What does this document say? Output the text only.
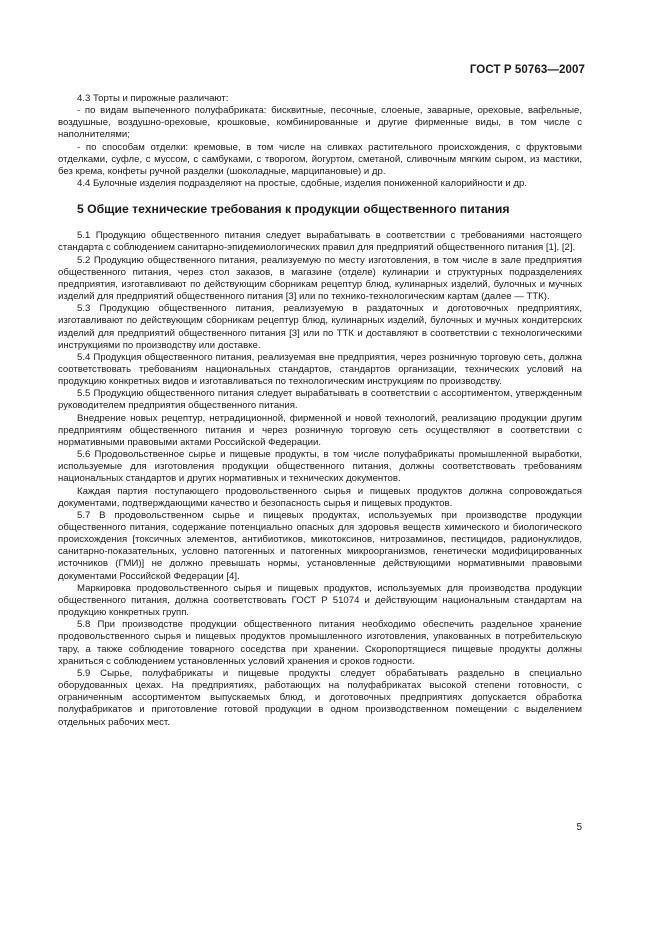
ГОСТ Р 50763—2007

4.3 Торты и пирожные различают:

- по видам выпеченного полуфабриката: бисквитные, песочные, слоеные, заварные, ореховые, вафельные, воздушные, воздушно-ореховые, крошковые, комбинированные и другие фирменные виды, в том числе с наполнителями;

- по способам отделки: кремовые, в том числе на сливках растительного происхождения, с фруктовыми отделками, суфле, с муссом, с самбуками, с творогом, йогуртом, сметаной, сливочным мягким сыром, из мастики, без крема, конфеты ручной разделки (шоколадные, марципановые) и др.

4.4 Булочные изделия подразделяют на простые, сдобные, изделия пониженной калорийности и др.

5 Общие технические требования к продукции общественного питания

5.1 Продукцию общественного питания следует вырабатывать в соответствии с требованиями настоящего стандарта с соблюдением санитарно-эпидемиологических правил для предприятий общественного питания [1], [2].

5.2 Продукцию общественного питания, реализуемую по месту изготовления, в том числе в зале предприятия общественного питания, через стол заказов, в магазине (отделе) кулинарии и структурных подразделениях предприятия, изготавливают по действующим сборникам рецептур блюд, кулинарных изделий, булочных и мучных изделий для предприятий общественного питания [3] или по технико-технологическим картам (далее — ТТК).

5.3 Продукцию общественного питания, реализуемую в раздаточных и доготовочных предприятиях, изготавливают по действующим сборникам рецептур блюд, кулинарных изделий, булочных и мучных кондитерских изделий для предприятий общественного питания [3] или по ТТК и доставляют в соответствии с технологическими инструкциями по производству или доставке.

5.4 Продукция общественного питания, реализуемая вне предприятия, через розничную торговую сеть, должна соответствовать требованиям национальных стандартов, стандартов организации, технических условий на продукцию конкретных видов и изготавливаться по технологическим инструкциям по производству.

5.5 Продукцию общественного питания следует вырабатывать в соответствии с ассортиментом, утвержденным руководителем предприятия общественного питания.

Внедрение новых рецептур, нетрадиционной, фирменной и новой технологий, реализацию продукции другим предприятиям общественного питания и через розничную торговую сеть осуществляют в соответствии с нормативными правовыми актами Российской Федерации.

5.6 Продовольственное сырье и пищевые продукты, в том числе полуфабрикаты промышленной выработки, используемые для изготовления продукции общественного питания, должны соответствовать требованиям национальных стандартов и других нормативных и технических документов.

Каждая партия поступающего продовольственного сырья и пищевых продуктов должна сопровождаться документами, подтверждающими качество и безопасность сырья и пищевых продуктов.

5.7 В продовольственном сырье и пищевых продуктах, используемых при производстве продукции общественного питания, содержание потенциально опасных для здоровья веществ химического и биологического происхождения [токсичных элементов, антибиотиков, микотоксинов, нитрозаминов, пестицидов, радионуклидов, санитарно-показательных, условно патогенных и патогенных микроорганизмов, генетически модифицированных источников (ГМИ)] не должно превышать нормы, установленные действующими нормативными правовыми документами Российской Федерации [4].

Маркировка продовольственного сырья и пищевых продуктов, используемых для производства продукции общественного питания, должна соответствовать ГОСТ Р 51074 и действующим национальным стандартам на продукцию конкретных групп.

5.8 При производстве продукции общественного питания необходимо обеспечить раздельное хранение продовольственного сырья и пищевых продуктов промышленного изготовления, упакованных в потребительскую тару, а также соблюдение товарного соседства при хранении. Скоропортящиеся пищевые продукты должны храниться с соблюдением установленных условий хранения и сроков годности.

5.9 Сырье, полуфабрикаты и пищевые продукты следует обрабатывать раздельно в специально оборудованных цехах. На предприятиях, работающих на полуфабрикатах высокой степени готовности, с ограниченным ассортиментом выпускаемых блюд, и доготовочных предприятиях допускается обработка полуфабрикатов и приготовление готовой продукции в одном производственном помещении с выделением отдельных рабочих мест.

5
